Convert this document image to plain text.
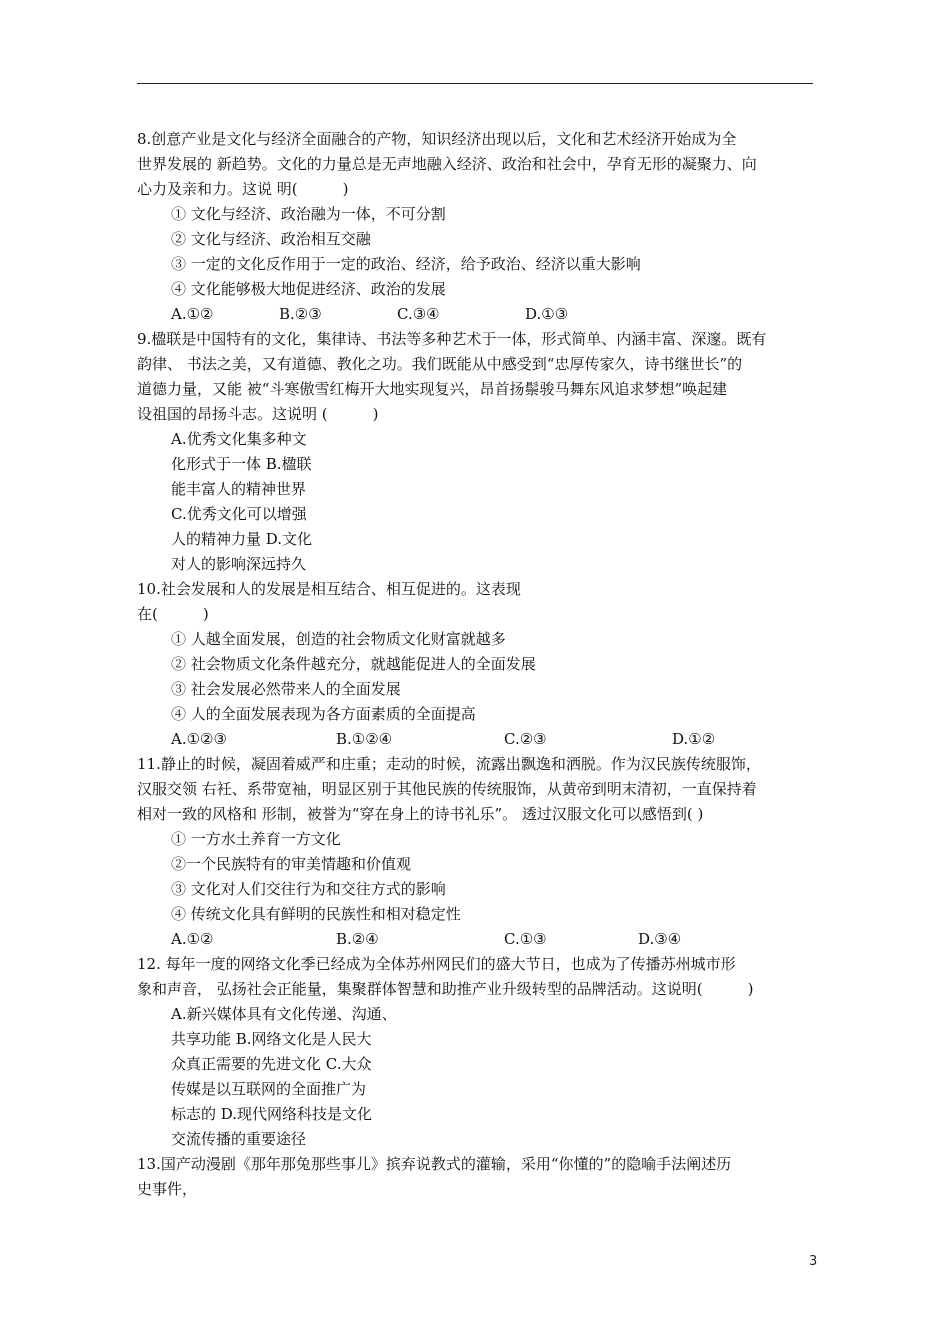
8.创意产业是文化与经济全面融合的产物，知识经济出现以后，文化和艺术经济开始成为全
世界发展的 新趋势。文化的力量总是无声地融入经济、政治和社会中，孕育无形的凝聚力、向
心力及亲和力。这说 明(　　　)
① 文化与经济、政治融为一体，不可分割
② 文化与经济、政治相互交融
③ 一定的文化反作用于一定的政治、经济，给予政治、经济以重大影响
④ 文化能够极大地促进经济、政治的发展
A.①②	B.②③	C.③④	D.①③
9.楹联是中国特有的文化，集律诗、书法等多种艺术于一体，形式简单、内涵丰富、深邃。既有
韵律、 书法之美，又有道德、教化之功。我们既能从中感受到“忠厚传家久，诗书继世长”的
道德力量，又能 被“斗寒傲雪红梅开大地实现复兴，昂首扬鬃骏马舞东风追求梦想”唤起建
设祖国的昂扬斗志。这说明 (　　　)
A.优秀文化集多种文
化形式于一体 B.楹联
能丰富人的精神世界
C.优秀文化可以增强
人的精神力量 D.文化
对人的影响深远持久
10.社会发展和人的发展是相互结合、相互促进的。这表现
在(　　　)
① 人越全面发展，创造的社会物质文化财富就越多
② 社会物质文化条件越充分，就越能促进人的全面发展
③ 社会发展必然带来人的全面发展
④ 人的全面发展表现为各方面素质的全面提高
A.①②③	B.①②④	C.②③	D.①②
11.静止的时候，凝固着威严和庄重；走动的时候，流露出飘逸和洒脱。作为汉民族传统服饰，
汉服交领 右衽、系带宽袖，明显区别于其他民族的传统服饰，从黄帝到明末清初，一直保持着
相对一致的风格和 形制，被誉为“穿在身上的诗书礼乐”。 透过汉服文化可以感悟到( )
① 一方水土养育一方文化
②一个民族特有的审美情趣和价值观
③ 文化对人们交往行为和交往方式的影响
④ 传统文化具有鲜明的民族性和相对稳定性
A.①②	B.②④	C.①③	D.③④
12. 每年一度的网络文化季已经成为全体苏州网民们的盛大节日，也成为了传播苏州城市形
象和声音， 弘扬社会正能量，集聚群体智慧和助推产业升级转型的品牌活动。这说明(　　　)
A.新兴媒体具有文化传递、沟通、
共享功能 B.网络文化是人民大
众真正需要的先进文化 C.大众
传媒是以互联网的全面推广为
标志的 D.现代网络科技是文化
交流传播的重要途径
13.国产动漫剧《那年那兔那些事儿》摈弃说教式的灌输，采用“你懂的”的隐喻手法阐述历
史事件，
3
